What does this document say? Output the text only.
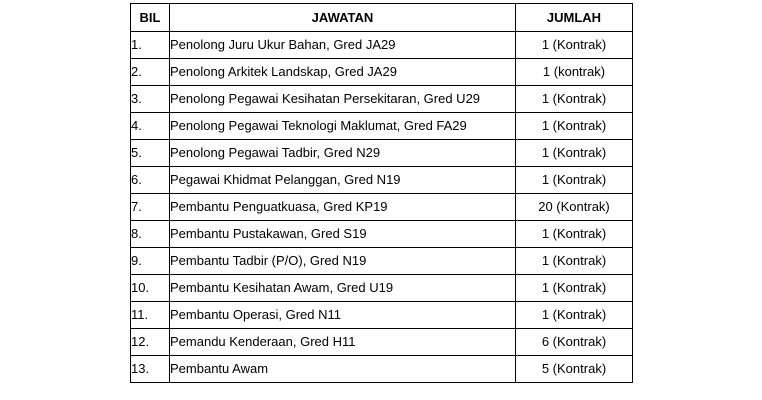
BIL	JAWATAN	JUMLAH
1.	Penolong Juru Ukur Bahan, Gred JA29	1 (Kontrak)
2.	Penolong Arkitek Landskap, Gred JA29	1 (kontrak)
3.	Penolong Pegawai Kesihatan Persekitaran, Gred U29	1 (Kontrak)
4.	Penolong Pegawai Teknologi Maklumat, Gred FA29	1 (Kontrak)
5.	Penolong Pegawai Tadbir, Gred N29	1 (Kontrak)
6.	Pegawai Khidmat Pelanggan, Gred N19	1 (Kontrak)
7.	Pembantu Penguatkuasa, Gred KP19	20 (Kontrak)
8.	Pembantu Pustakawan, Gred S19	1 (Kontrak)
9.	Pembantu Tadbir (P/O), Gred N19	1 (Kontrak)
10.	Pembantu Kesihatan Awam, Gred U19	1 (Kontrak)
11.	Pembantu Operasi, Gred N11	1 (Kontrak)
12.	Pemandu Kenderaan, Gred H11	6 (Kontrak)
13.	Pembantu Awam	5 (Kontrak)
